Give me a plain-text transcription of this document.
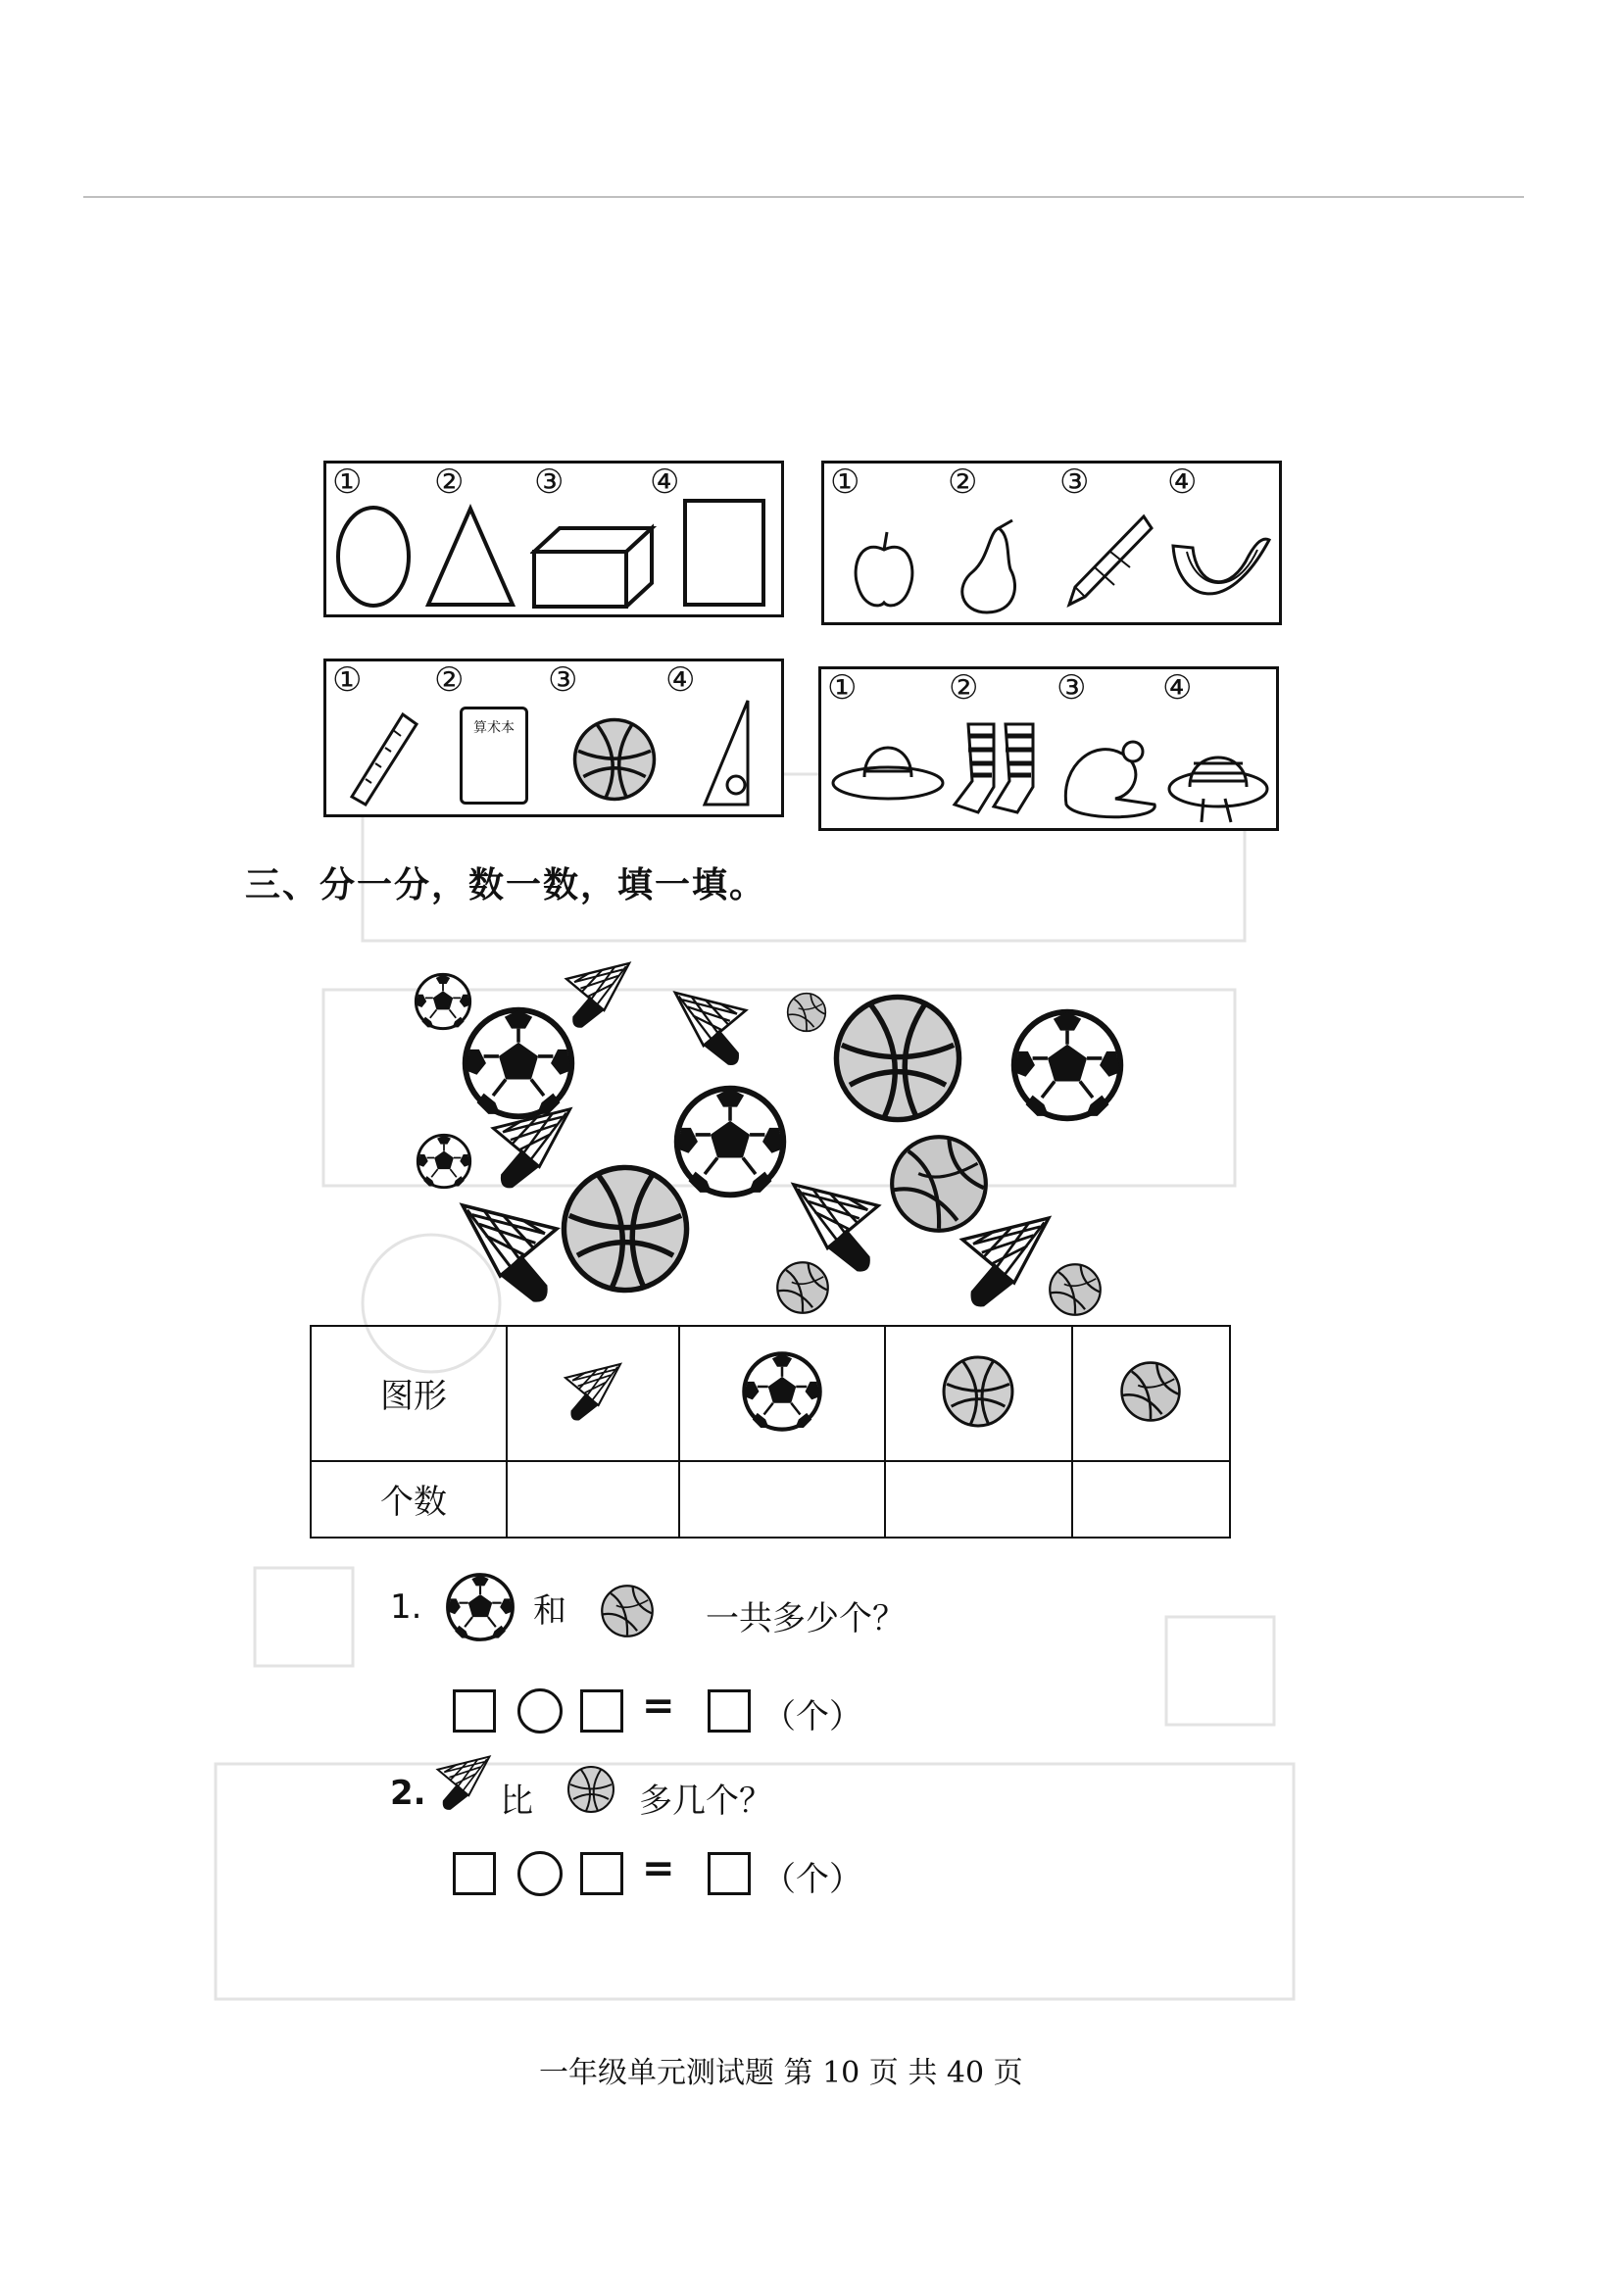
① ② ③	④	①	② ③ ④
① ②	③	④
算术本
①	② ③ ④
三、分一分，数一数，填一填。
图形				
个数				
1.	和	一共多少个？
=	（个）
2. 比	多几个？
=	（个）
一年级单元测试题 第 10 页 共 40 页
